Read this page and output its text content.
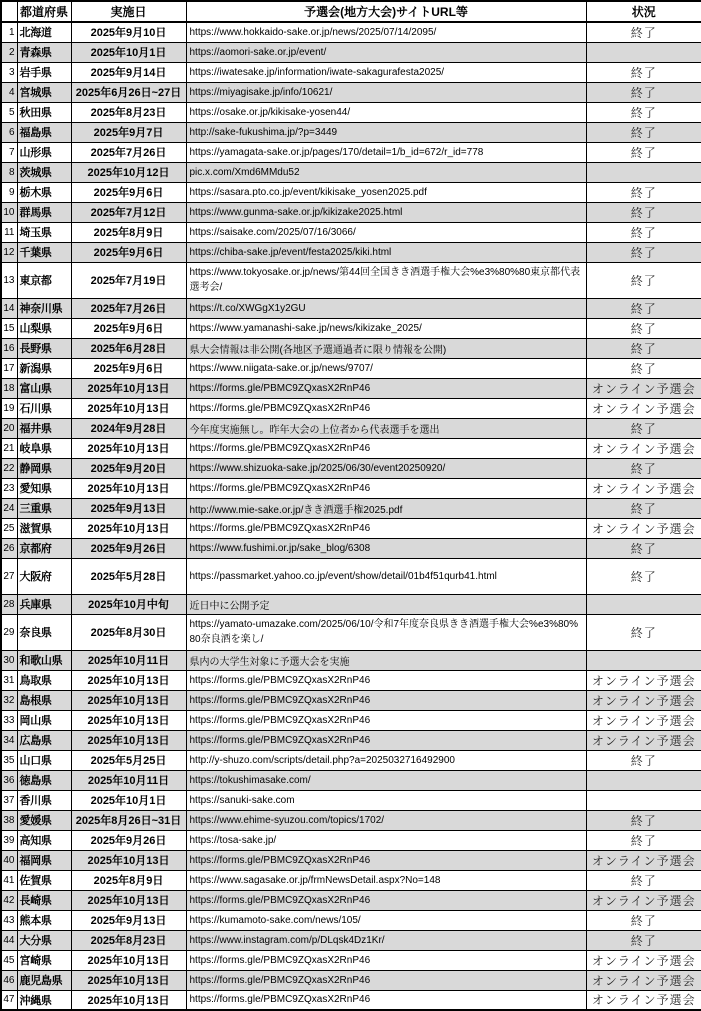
	都道府県	実施日	予選会(地方大会)サイトURL等	状況
1	北海道	2025年9月10日	https://www.hokkaido-sake.or.jp/news/2025/07/14/2095/	終了
2	青森県	2025年10月1日	https://aomori-sake.or.jp/event/	
3	岩手県	2025年9月14日	https://iwatesake.jp/information/iwate-sakagurafesta2025/	終了
4	宮城県	2025年6月26日~27日	https://miyagisake.jp/info/10621/	終了
5	秋田県	2025年8月23日	https://osake.or.jp/kikisake-yosen44/	終了
6	福島県	2025年9月7日	http://sake-fukushima.jp/?p=3449	終了
7	山形県	2025年7月26日	https://yamagata-sake.or.jp/pages/170/detail=1/b_id=672/r_id=778	終了
8	茨城県	2025年10月12日	pic.x.com/Xmd6MMdu52	
9	栃木県	2025年9月6日	https://sasara.pto.co.jp/event/kikisake_yosen2025.pdf	終了
10	群馬県	2025年7月12日	https://www.gunma-sake.or.jp/kikizake2025.html	終了
11	埼玉県	2025年8月9日	https://saisake.com/2025/07/16/3066/	終了
12	千葉県	2025年9月6日	https://chiba-sake.jp/event/festa2025/kiki.html	終了
13	東京都	2025年7月19日	https://www.tokyosake.or.jp/news/第44回全国きき酒選手権大会%e3%80%80東京都代表選考会/	終了
14	神奈川県	2025年7月26日	https://t.co/XWGgX1y2GU	終了
15	山梨県	2025年9月6日	https://www.yamanashi-sake.jp/news/kikizake_2025/	終了
16	長野県	2025年6月28日	県大会情報は非公開(各地区予選通過者に限り情報を公開)	終了
17	新潟県	2025年9月6日	https://www.niigata-sake.or.jp/news/9707/	終了
18	富山県	2025年10月13日	https://forms.gle/PBMC9ZQxasX2RnP46	オンライン予選会
19	石川県	2025年10月13日	https://forms.gle/PBMC9ZQxasX2RnP46	オンライン予選会
20	福井県	2024年9月28日	今年度実施無し。昨年大会の上位者から代表選手を選出	終了
21	岐阜県	2025年10月13日	https://forms.gle/PBMC9ZQxasX2RnP46	オンライン予選会
22	静岡県	2025年9月20日	https://www.shizuoka-sake.jp/2025/06/30/event20250920/	終了
23	愛知県	2025年10月13日	https://forms.gle/PBMC9ZQxasX2RnP46	オンライン予選会
24	三重県	2025年9月13日	http://www.mie-sake.or.jp/きき酒選手権2025.pdf	終了
25	滋賀県	2025年10月13日	https://forms.gle/PBMC9ZQxasX2RnP46	オンライン予選会
26	京都府	2025年9月26日	https://www.fushimi.or.jp/sake_blog/6308	終了
27	大阪府	2025年5月28日	https://passmarket.yahoo.co.jp/event/show/detail/01b4f51qurb41.html	終了
28	兵庫県	2025年10月中旬	近日中に公開予定	
29	奈良県	2025年8月30日	https://yamato-umazake.com/2025/06/10/令和7年度奈良県きき酒選手権大会%e3%80%80奈良酒を楽し/	終了
30	和歌山県	2025年10月11日	県内の大学生対象に予選大会を実施	
31	鳥取県	2025年10月13日	https://forms.gle/PBMC9ZQxasX2RnP46	オンライン予選会
32	島根県	2025年10月13日	https://forms.gle/PBMC9ZQxasX2RnP46	オンライン予選会
33	岡山県	2025年10月13日	https://forms.gle/PBMC9ZQxasX2RnP46	オンライン予選会
34	広島県	2025年10月13日	https://forms.gle/PBMC9ZQxasX2RnP46	オンライン予選会
35	山口県	2025年5月25日	http://y-shuzo.com/scripts/detail.php?a=2025032716492900	終了
36	徳島県	2025年10月11日	https://tokushimasake.com/	
37	香川県	2025年10月1日	https://sanuki-sake.com	
38	愛媛県	2025年8月26日~31日	https://www.ehime-syuzou.com/topics/1702/	終了
39	高知県	2025年9月26日	https://tosa-sake.jp/	終了
40	福岡県	2025年10月13日	https://forms.gle/PBMC9ZQxasX2RnP46	オンライン予選会
41	佐賀県	2025年8月9日	https://www.sagasake.or.jp/frmNewsDetail.aspx?No=148	終了
42	長崎県	2025年10月13日	https://forms.gle/PBMC9ZQxasX2RnP46	オンライン予選会
43	熊本県	2025年9月13日	https://kumamoto-sake.com/news/105/	終了
44	大分県	2025年8月23日	https://www.instagram.com/p/DLqsk4Dz1Kr/	終了
45	宮崎県	2025年10月13日	https://forms.gle/PBMC9ZQxasX2RnP46	オンライン予選会
46	鹿児島県	2025年10月13日	https://forms.gle/PBMC9ZQxasX2RnP46	オンライン予選会
47	沖縄県	2025年10月13日	https://forms.gle/PBMC9ZQxasX2RnP46	オンライン予選会
